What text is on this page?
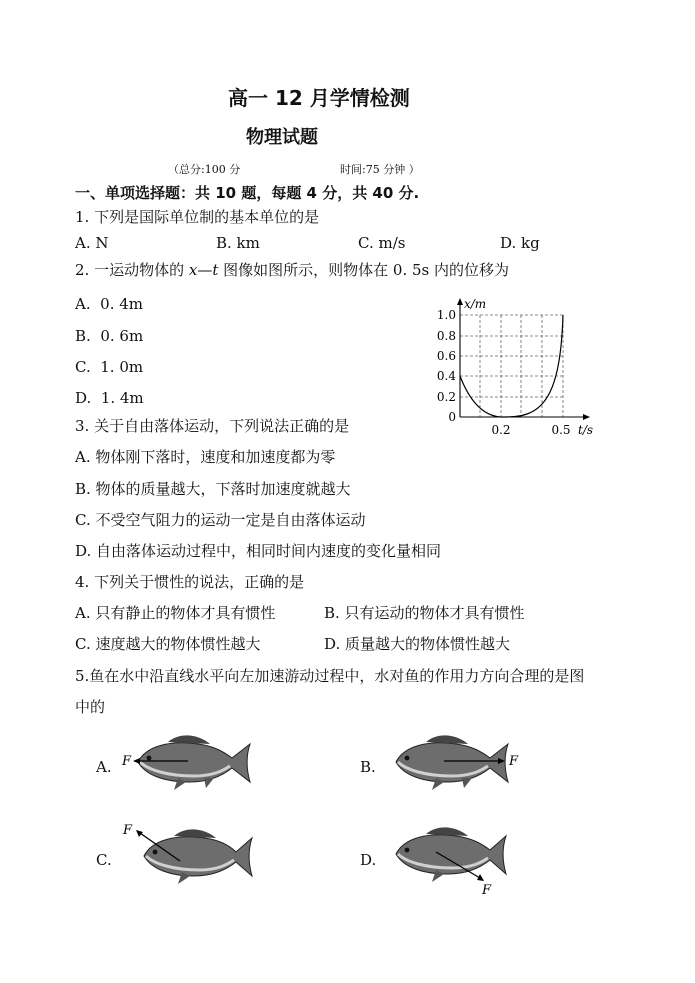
高一 12 月学情检测
物理试题
（总分:100 分	时间:75 分钟 ）
一、单项选择题：共 10 题，每题 4 分，共 40 分.
1. 下列是国际单位制的基本单位的是
A. N	B. km	C. m/s	D. kg
2. 一运动物体的 x—t 图像如图所示，则物体在 0. 5s 内的位移为
A. 0. 4m
B. 0. 6m
C. 1. 0m
D. 1. 4m
x/m
t/s
1.0
0.8
0.6
0.4
0.2
0
0.2	0.5
3. 关于自由落体运动，下列说法正确的是
A. 物体刚下落时，速度和加速度都为零
B. 物体的质量越大，下落时加速度就越大
C. 不受空气阻力的运动一定是自由落体运动
D. 自由落体运动过程中，相同时间内速度的变化量相同
4. 下列关于惯性的说法，正确的是
A. 只有静止的物体才具有惯性	B. 只有运动的物体才具有惯性
C. 速度越大的物体惯性越大	D. 质量越大的物体惯性越大
5.鱼在水中沿直线水平向左加速游动过程中，水对鱼的作用力方向合理的是图
中的
A.	B.
C.	D.
F	F
F
F
